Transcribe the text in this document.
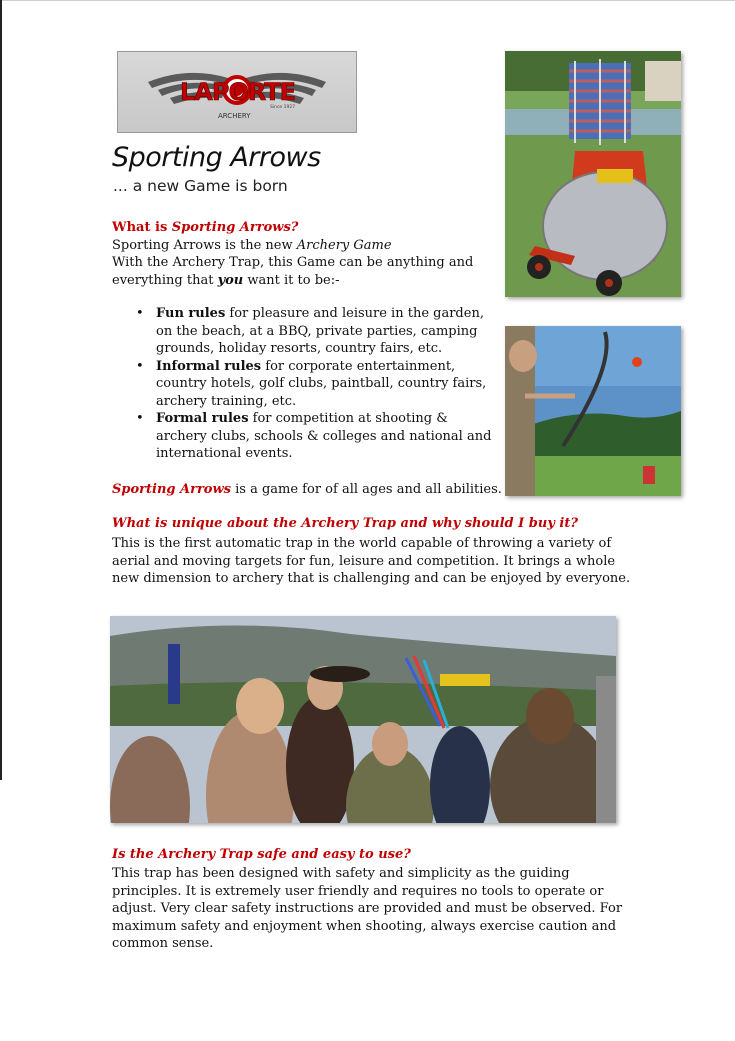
LAPORTE
ARCHERY
Since 1927
Sporting Arrows
... a new Game is born
What is Sporting Arrows?
Sporting Arrows is the new Archery Game
With the Archery Trap, this Game can be anything and
everything that you want it to be:-
• Fun rules for pleasure and leisure in the garden, on the beach, at a BBQ, private parties, camping grounds, holiday resorts, country fairs, etc.
• Informal rules for corporate entertainment, country hotels, golf clubs, paintball, country fairs, archery training, etc.
• Formal rules for competition at shooting & archery clubs, schools & colleges and national and international events.
Sporting Arrows is a game for of all ages and all abilities.
What is unique about the Archery Trap and why should I buy it?
This is the first automatic trap in the world capable of throwing a variety of aerial and moving targets for fun, leisure and competition. It brings a whole new dimension to archery that is challenging and can be enjoyed by everyone.
Is the Archery Trap safe and easy to use?
This trap has been designed with safety and simplicity as the guiding principles. It is extremely user friendly and requires no tools to operate or adjust. Very clear safety instructions are provided and must be observed. For maximum safety and enjoyment when shooting, always exercise caution and common sense.
